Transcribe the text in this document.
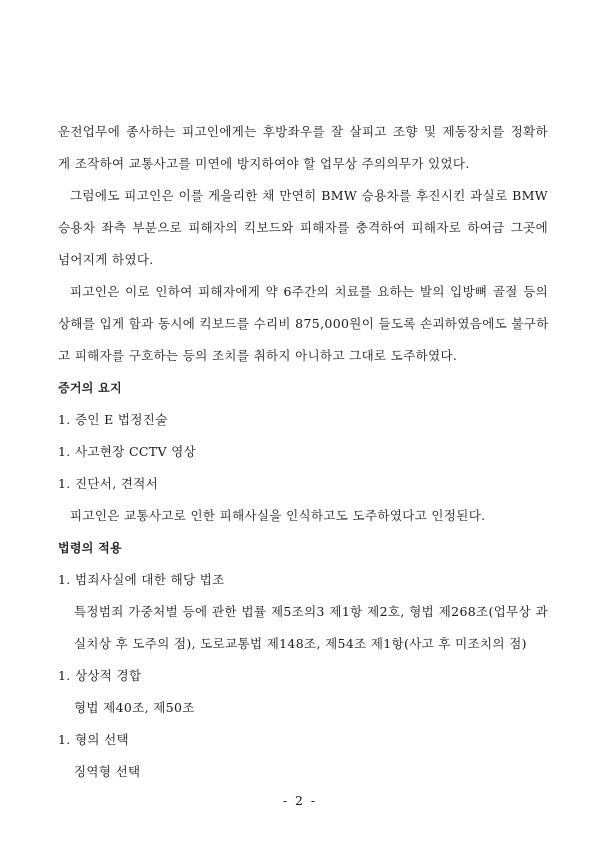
운전업무에 종사하는 피고인에게는 후방좌우를 잘 살피고 조향 및 제동장치를 정확하
게 조작하여 교통사고를 미연에 방지하여야 할 업무상 주의의무가 있었다.
그럼에도 피고인은 이를 게을리한 채 만연히 BMW 승용차를 후진시킨 과실로 BMW
승용차 좌측 부분으로 피해자의 킥보드와 피해자를 충격하여 피해자로 하여금 그곳에
넘어지게 하였다.
피고인은 이로 인하여 피해자에게 약 6주간의 치료를 요하는 발의 입방뼈 골절 등의
상해를 입게 함과 동시에 킥보드를 수리비 875,000원이 들도록 손괴하였음에도 불구하
고 피해자를 구호하는 등의 조치를 취하지 아니하고 그대로 도주하였다.
증거의 요지
1. 증인 E 법정진술
1. 사고현장 CCTV 영상
1. 진단서, 견적서
피고인은 교통사고로 인한 피해사실을 인식하고도 도주하였다고 인정된다.
법령의 적용
1. 범죄사실에 대한 해당 법조
특정범죄 가중처벌 등에 관한 법률 제5조의3 제1항 제2호, 형법 제268조(업무상 과
실치상 후 도주의 점), 도로교통법 제148조, 제54조 제1항(사고 후 미조치의 점)
1. 상상적 경합
형법 제40조, 제50조
1. 형의 선택
징역형 선택
- 2 -
